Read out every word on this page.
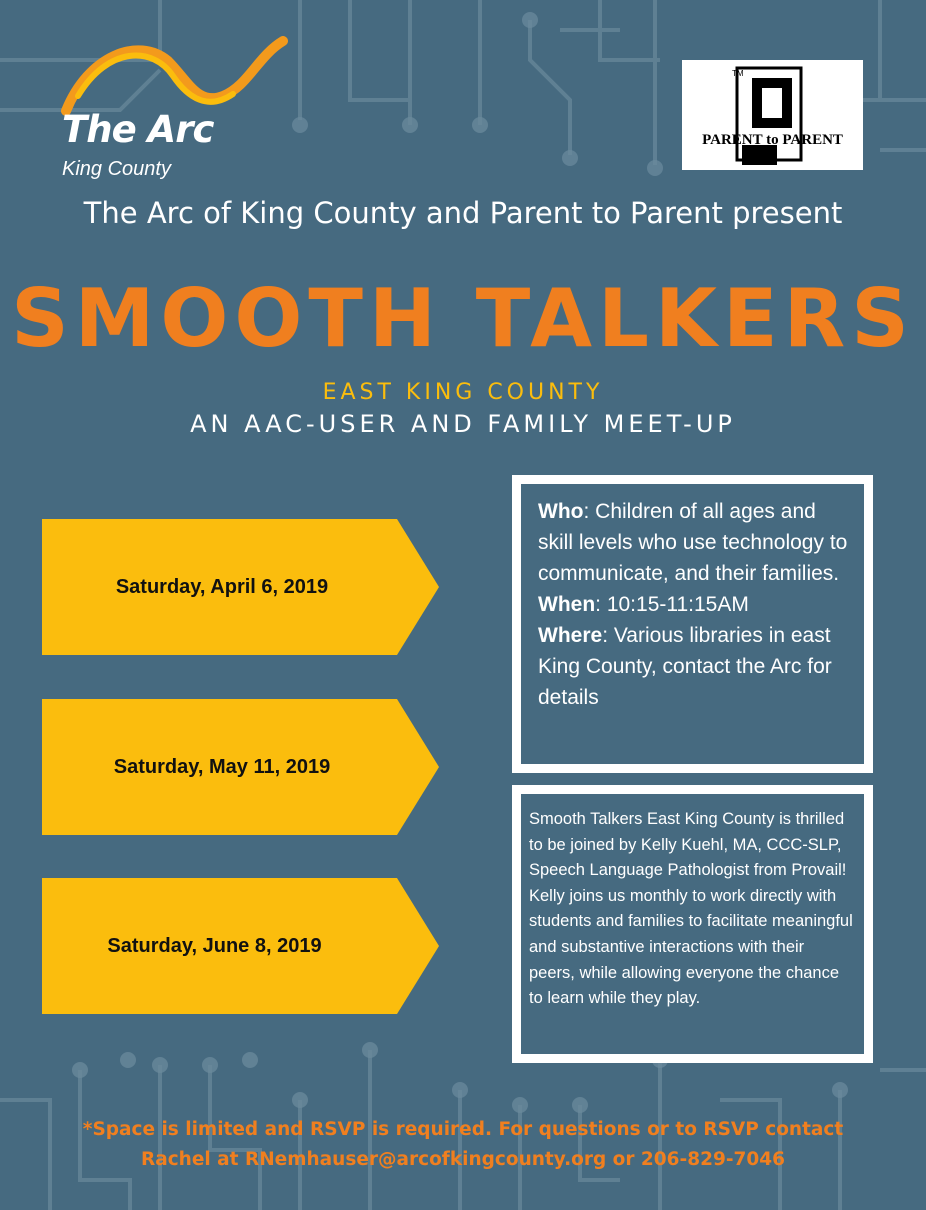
The Arc
King County
TM
PARENT to PARENT
The Arc of King County and Parent to Parent present
SMOOTH TALKERS
EAST KING COUNTY
AN AAC-USER AND FAMILY MEET-UP
Saturday, April 6, 2019
Saturday, May 11, 2019
Saturday, June 8, 2019
Who: Children of all ages and skill levels who use technology to communicate, and their families.
When: 10:15-11:15AM
Where: Various libraries in east King County, contact the Arc for details
Smooth Talkers East King County is thrilled to be joined by Kelly Kuehl, MA, CCC-SLP, Speech Language Pathologist from Provail! Kelly joins us monthly to work directly with students and families to facilitate meaningful and substantive interactions with their peers, while allowing everyone the chance to learn while they play.
*Space is limited and RSVP is required. For questions or to RSVP contact
Rachel at RNemhauser@arcofkingcounty.org or 206-829-7046
